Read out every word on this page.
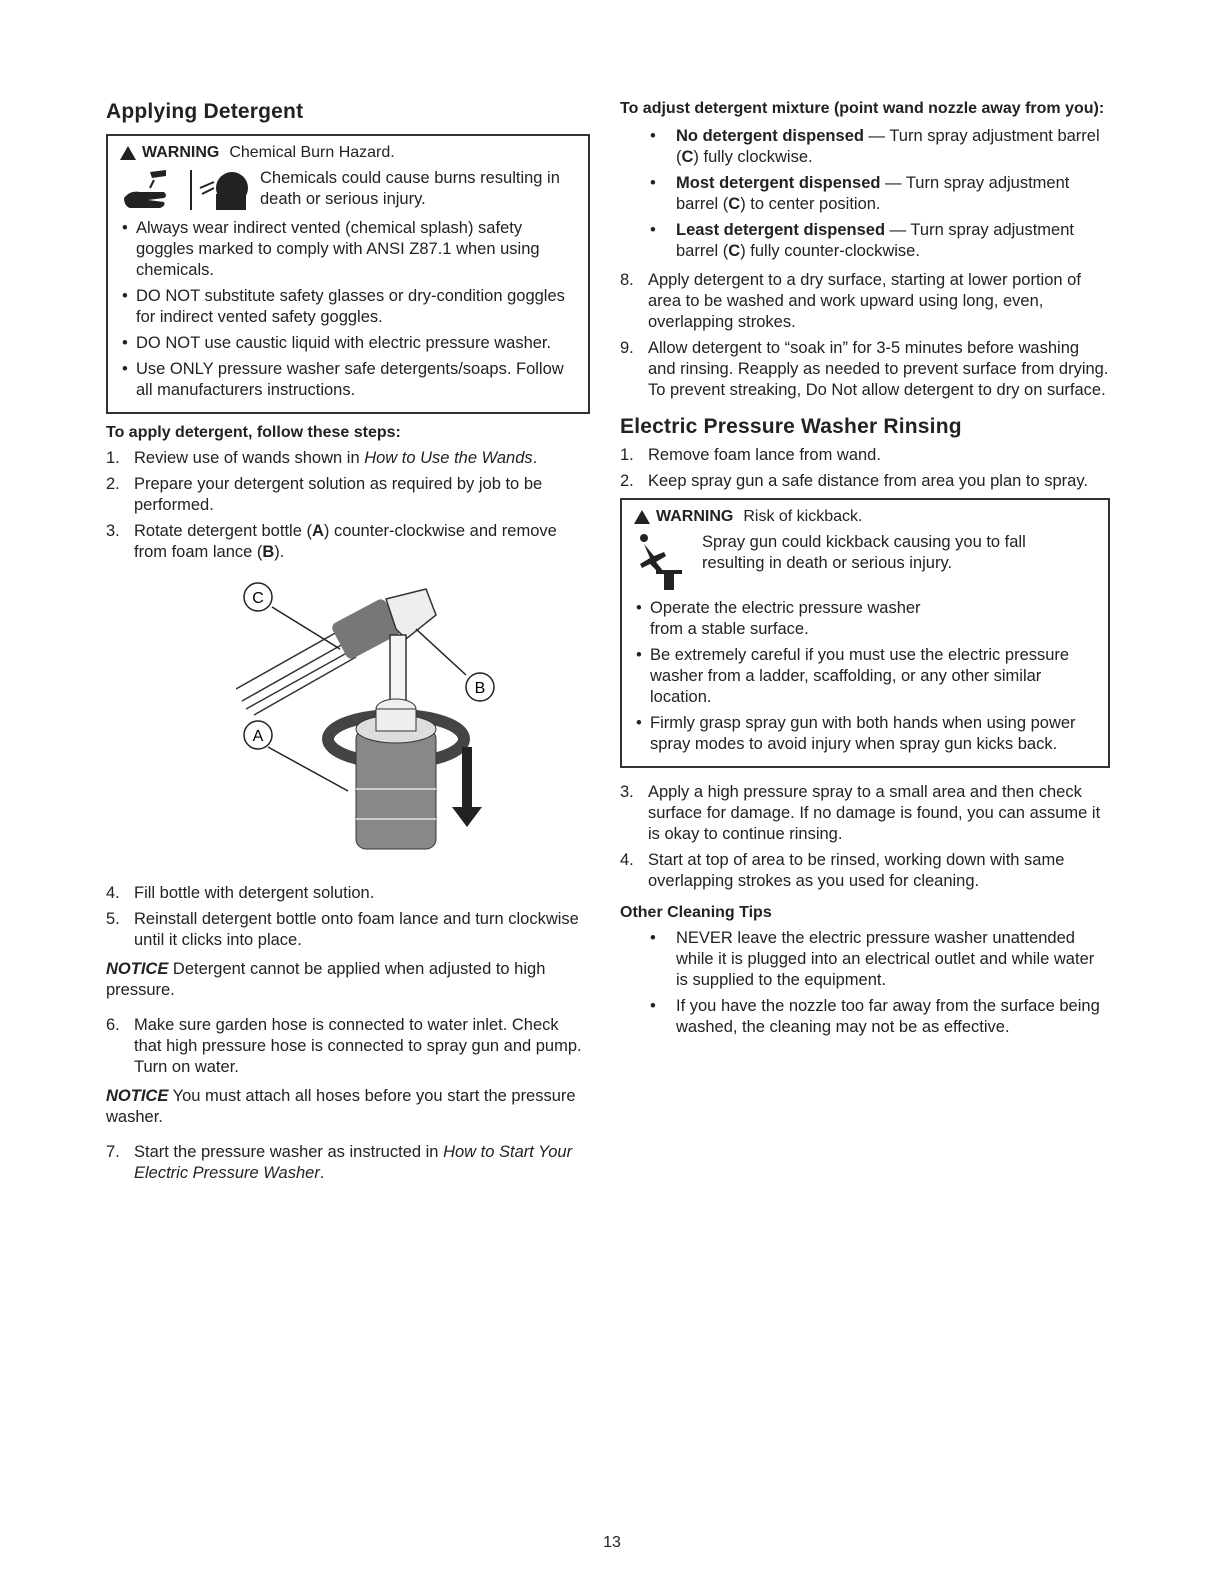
Applying Detergent
WARNING Chemical Burn Hazard.
Chemicals could cause burns resulting in death or serious injury.
• Always wear indirect vented (chemical splash) safety goggles marked to comply with ANSI Z87.1 when using chemicals.
• DO NOT substitute safety glasses or dry-condition goggles for indirect vented safety goggles.
• DO NOT use caustic liquid with electric pressure washer.
• Use ONLY pressure washer safe detergents/soaps. Follow all manufacturers instructions.
To apply detergent, follow these steps:
1. Review use of wands shown in How to Use the Wands.
2. Prepare your detergent solution as required by job to be performed.
3. Rotate detergent bottle (A) counter-clockwise and remove from foam lance (B).
C
B
A
4. Fill bottle with detergent solution.
5. Reinstall detergent bottle onto foam lance and turn clockwise until it clicks into place.

NOTICE Detergent cannot be applied when adjusted to high pressure.

6. Make sure garden hose is connected to water inlet. Check that high pressure hose is connected to spray gun and pump. Turn on water.

NOTICE You must attach all hoses before you start the pressure washer.

7. Start the pressure washer as instructed in How to Start Your Electric Pressure Washer.
To adjust detergent mixture (point wand nozzle away from you):
• No detergent dispensed — Turn spray adjustment barrel (C) fully clockwise.
• Most detergent dispensed — Turn spray adjustment barrel (C) to center position.
• Least detergent dispensed — Turn spray adjustment barrel (C) fully counter-clockwise.
8. Apply detergent to a dry surface, starting at lower portion of area to be washed and work upward using long, even, overlapping strokes.
9. Allow detergent to “soak in” for 3-5 minutes before washing and rinsing. Reapply as needed to prevent surface from drying. To prevent streaking, Do Not allow detergent to dry on surface.
Electric Pressure Washer Rinsing
1. Remove foam lance from wand.
2. Keep spray gun a safe distance from area you plan to spray.
WARNING Risk of kickback.
Spray gun could kickback causing you to fall resulting in death or serious injury.
• Operate the electric pressure washer from a stable surface.
• Be extremely careful if you must use the electric pressure washer from a ladder, scaffolding, or any other similar location.
• Firmly grasp spray gun with both hands when using power spray modes to avoid injury when spray gun kicks back.
3. Apply a high pressure spray to a small area and then check surface for damage. If no damage is found, you can assume it is okay to continue rinsing.
4. Start at top of area to be rinsed, working down with same overlapping strokes as you used for cleaning.
Other Cleaning Tips
• NEVER leave the electric pressure washer unattended while it is plugged into an electrical outlet and while water is supplied to the equipment.
• If you have the nozzle too far away from the surface being washed, the cleaning may not be as effective.
13
